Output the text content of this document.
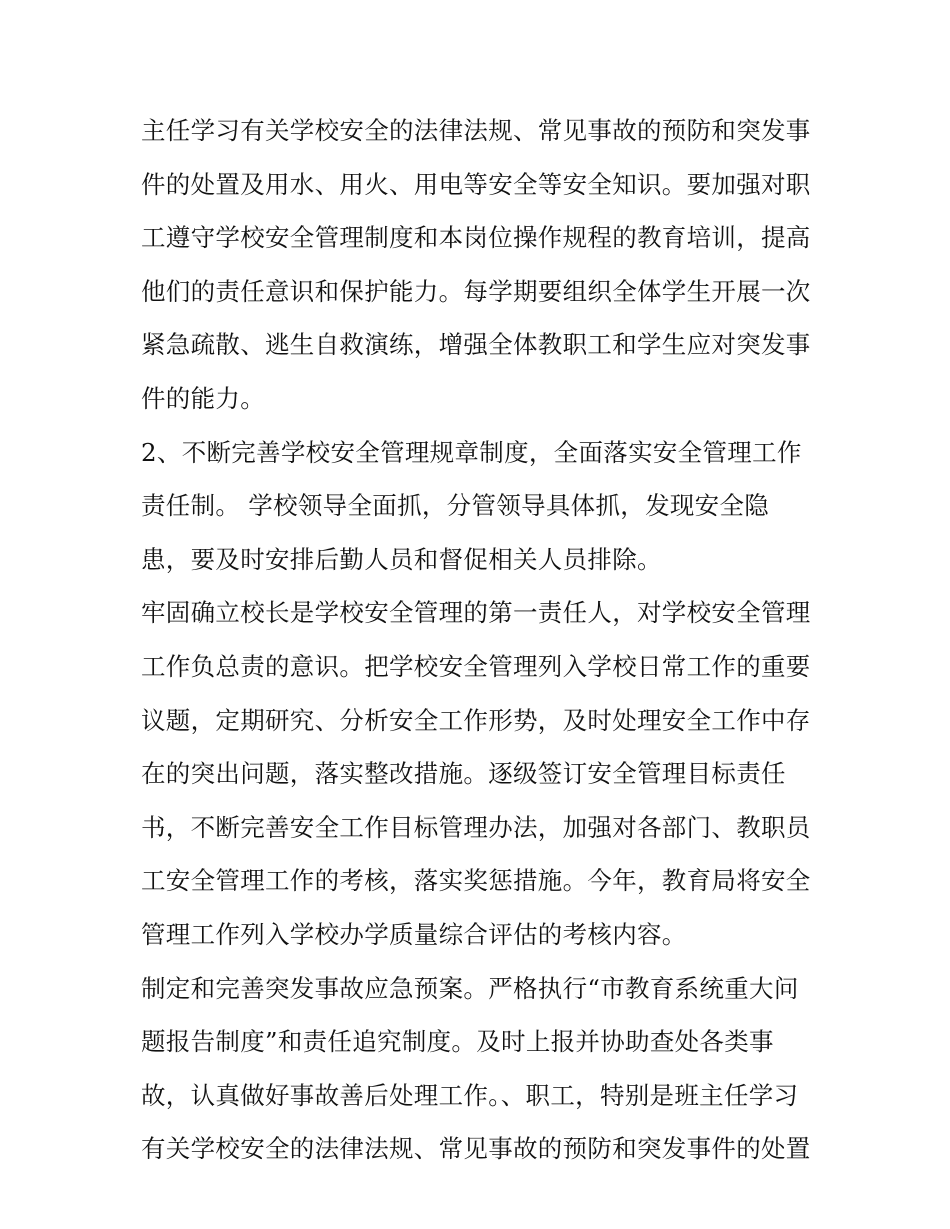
主任学习有关学校安全的法律法规、常见事故的预防和突发事
件的处置及用水、用火、用电等安全等安全知识。要加强对职
工遵守学校安全管理制度和本岗位操作规程的教育培训，提高
他们的责任意识和保护能力。每学期要组织全体学生开展一次
紧急疏散、逃生自救演练，增强全体教职工和学生应对突发事
件的能力。
2、不断完善学校安全管理规章制度，全面落实安全管理工作
责任制。 学校领导全面抓，分管领导具体抓，发现安全隐
患，要及时安排后勤人员和督促相关人员排除。
牢固确立校长是学校安全管理的第一责任人，对学校安全管理
工作负总责的意识。把学校安全管理列入学校日常工作的重要
议题，定期研究、分析安全工作形势，及时处理安全工作中存
在的突出问题，落实整改措施。逐级签订安全管理目标责任
书，不断完善安全工作目标管理办法，加强对各部门、教职员
工安全管理工作的考核，落实奖惩措施。今年，教育局将安全
管理工作列入学校办学质量综合评估的考核内容。
制定和完善突发事故应急预案。严格执行“市教育系统重大问
题报告制度”和责任追究制度。及时上报并协助查处各类事
故，认真做好事故善后处理工作。、职工，特别是班主任学习
有关学校安全的法律法规、常见事故的预防和突发事件的处置
